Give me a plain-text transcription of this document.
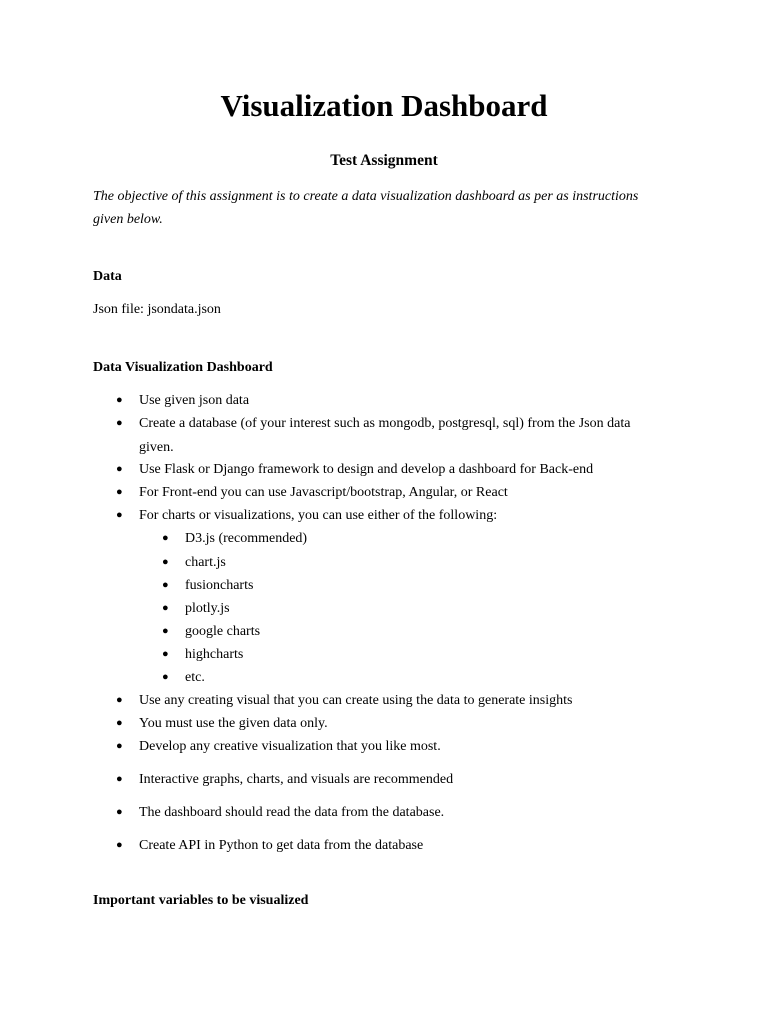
Visualization Dashboard
Test Assignment

The objective of this assignment is to create a data visualization dashboard as per as instructions given below.

Data

Json file: jsondata.json

Data Visualization Dashboard
● Use given json data
● Create a database (of your interest such as mongodb, postgresql, sql) from the Json data
given.
● Use Flask or Django framework to design and develop a dashboard for Back-end
● For Front-end you can use Javascript/bootstrap, Angular, or React
● For charts or visualizations, you can use either of the following:
● D3.js (recommended)
● chart.js
● fusioncharts
● plotly.js
● google charts
● highcharts
● etc.
● Use any creating visual that you can create using the data to generate insights
● You must use the given data only.
● Develop any creative visualization that you like most.
● Interactive graphs, charts, and visuals are recommended
● The dashboard should read the data from the database.
● Create API in Python to get data from the database
Important variables to be visualized
